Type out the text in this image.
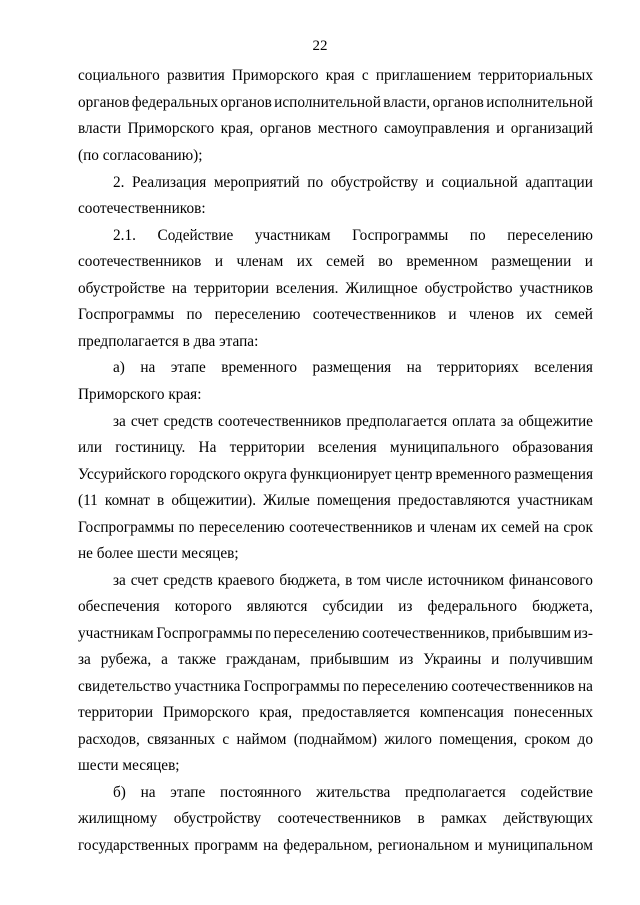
22
социального развития Приморского края с приглашением территориальных
органов федеральных органов исполнительной власти, органов исполнительной
власти Приморского края, органов местного самоуправления и организаций
(по согласованию);
2. Реализация мероприятий по обустройству и социальной адаптации
соотечественников:
2.1. Содействие участникам Госпрограммы по переселению
соотечественников и членам их семей во временном размещении и
обустройстве на территории вселения. Жилищное обустройство участников
Госпрограммы по переселению соотечественников и членов их семей
предполагается в два этапа:
а) на этапе временного размещения на территориях вселения
Приморского края:
за счет средств соотечественников предполагается оплата за общежитие
или гостиницу. На территории вселения муниципального образования
Уссурийского городского округа функционирует центр временного размещения
(11 комнат в общежитии). Жилые помещения предоставляются участникам
Госпрограммы по переселению соотечественников и членам их семей на срок
не более шести месяцев;
за счет средств краевого бюджета, в том числе источником финансового
обеспечения которого являются субсидии из федерального бюджета,
участникам Госпрограммы по переселению соотечественников, прибывшим из-
за рубежа, а также гражданам, прибывшим из Украины и получившим
свидетельство участника Госпрограммы по переселению соотечественников на
территории Приморского края, предоставляется компенсация понесенных
расходов, связанных с наймом (поднаймом) жилого помещения, сроком до
шести месяцев;
б) на этапе постоянного жительства предполагается содействие
жилищному обустройству соотечественников в рамках действующих
государственных программ на федеральном, региональном и муниципальном
